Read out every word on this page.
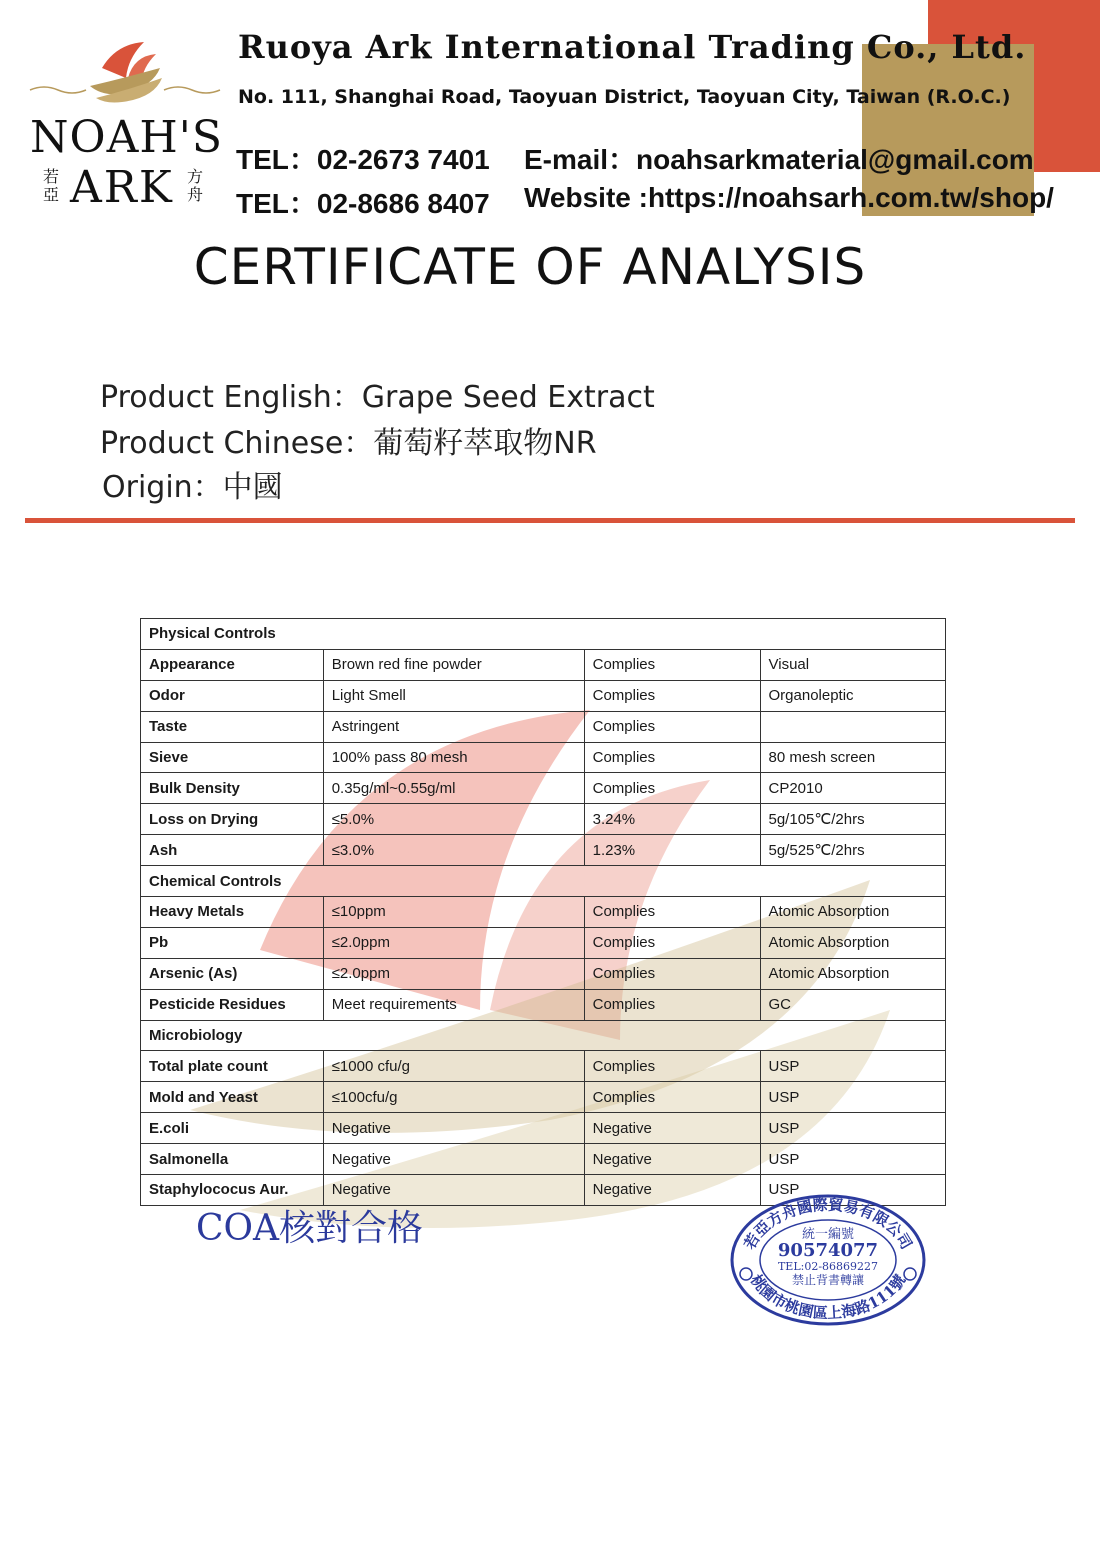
NOAH'S
ARK
若亞
方舟
Ruoya Ark International Trading Co., Ltd.
No. 111, Shanghai Road, Taoyuan District, Taoyuan City, Taiwan (R.O.C.)
TEL：02-2673 7401
TEL：02-8686 8407
E-mail：noahsarkmaterial@gmail.com
Website :https://noahsarh.com.tw/shop/
CERTIFICATE OF ANALYSIS
Product English：Grape Seed Extract
Product Chinese：葡萄籽萃取物NR
Origin：中國
Physical Controls			
Appearance	Brown red fine powder	Complies	Visual
Odor	Light Smell	Complies	Organoleptic
Taste	Astringent	Complies	
Sieve	100% pass 80 mesh	Complies	80 mesh screen
Bulk Density	0.35g/ml~0.55g/ml	Complies	CP2010
Loss on Drying	≤5.0%	3.24%	5g/105℃/2hrs
Ash	≤3.0%	1.23%	5g/525℃/2hrs
Chemical Controls			
Heavy Metals	≤10ppm	Complies	Atomic Absorption
Pb	≤2.0ppm	Complies	Atomic Absorption
Arsenic (As)	≤2.0ppm	Complies	Atomic Absorption
Pesticide Residues	Meet requirements	Complies	GC
Microbiology			
Total plate count	≤1000 cfu/g	Complies	USP
Mold and Yeast	≤100cfu/g	Complies	USP
E.coli	Negative	Negative	USP
Salmonella	Negative	Negative	USP
Staphylococus Aur.	Negative	Negative	USP
COA核對合格	若亞方舟國際貿易有限公司
桃園市桃園區上海路111號
統一編號
90574077
TEL:02-86869227
禁止背書轉讓
